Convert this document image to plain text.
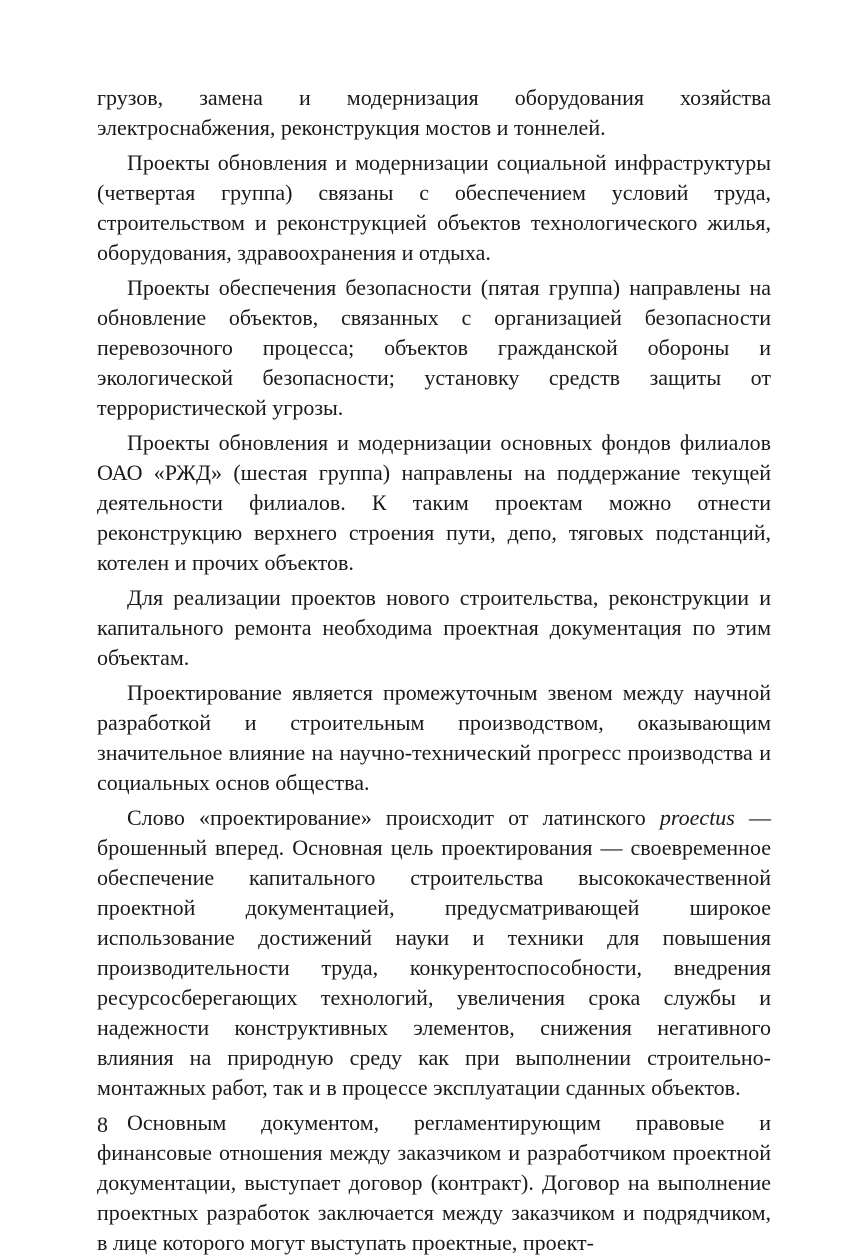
грузов, замена и модернизация оборудования хозяйства электроснабжения, реконструкция мостов и тоннелей.

Проекты обновления и модернизации социальной инфраструктуры (четвертая группа) связаны с обеспечением условий труда, строительством и реконструкцией объектов технологического жилья, оборудования, здравоохранения и отдыха.

Проекты обеспечения безопасности (пятая группа) направлены на обновление объектов, связанных с организацией безопасности перевозочного процесса; объектов гражданской обороны и экологической безопасности; установку средств защиты от террористической угрозы.

Проекты обновления и модернизации основных фондов филиалов ОАО «РЖД» (шестая группа) направлены на поддержание текущей деятельности филиалов. К таким проектам можно отнести реконструкцию верхнего строения пути, депо, тяговых подстанций, котелен и прочих объектов.

Для реализации проектов нового строительства, реконструкции и капитального ремонта необходима проектная документация по этим объектам.

Проектирование является промежуточным звеном между научной разработкой и строительным производством, оказывающим значительное влияние на научно-технический прогресс производства и социальных основ общества.

Слово «проектирование» происходит от латинского proectus — брошенный вперед. Основная цель проектирования — своевременное обеспечение капитального строительства высококачественной проектной документацией, предусматривающей широкое использование достижений науки и техники для повышения производительности труда, конкурентоспособности, внедрения ресурсосберегающих технологий, увеличения срока службы и надежности конструктивных элементов, снижения негативного влияния на природную среду как при выполнении строительно-монтажных работ, так и в процессе эксплуатации сданных объектов.

Основным документом, регламентирующим правовые и финансовые отношения между заказчиком и разработчиком проектной документации, выступает договор (контракт). Договор на выполнение проектных разработок заключается между заказчиком и подрядчиком, в лице которого могут выступать проектные, проект-

8
